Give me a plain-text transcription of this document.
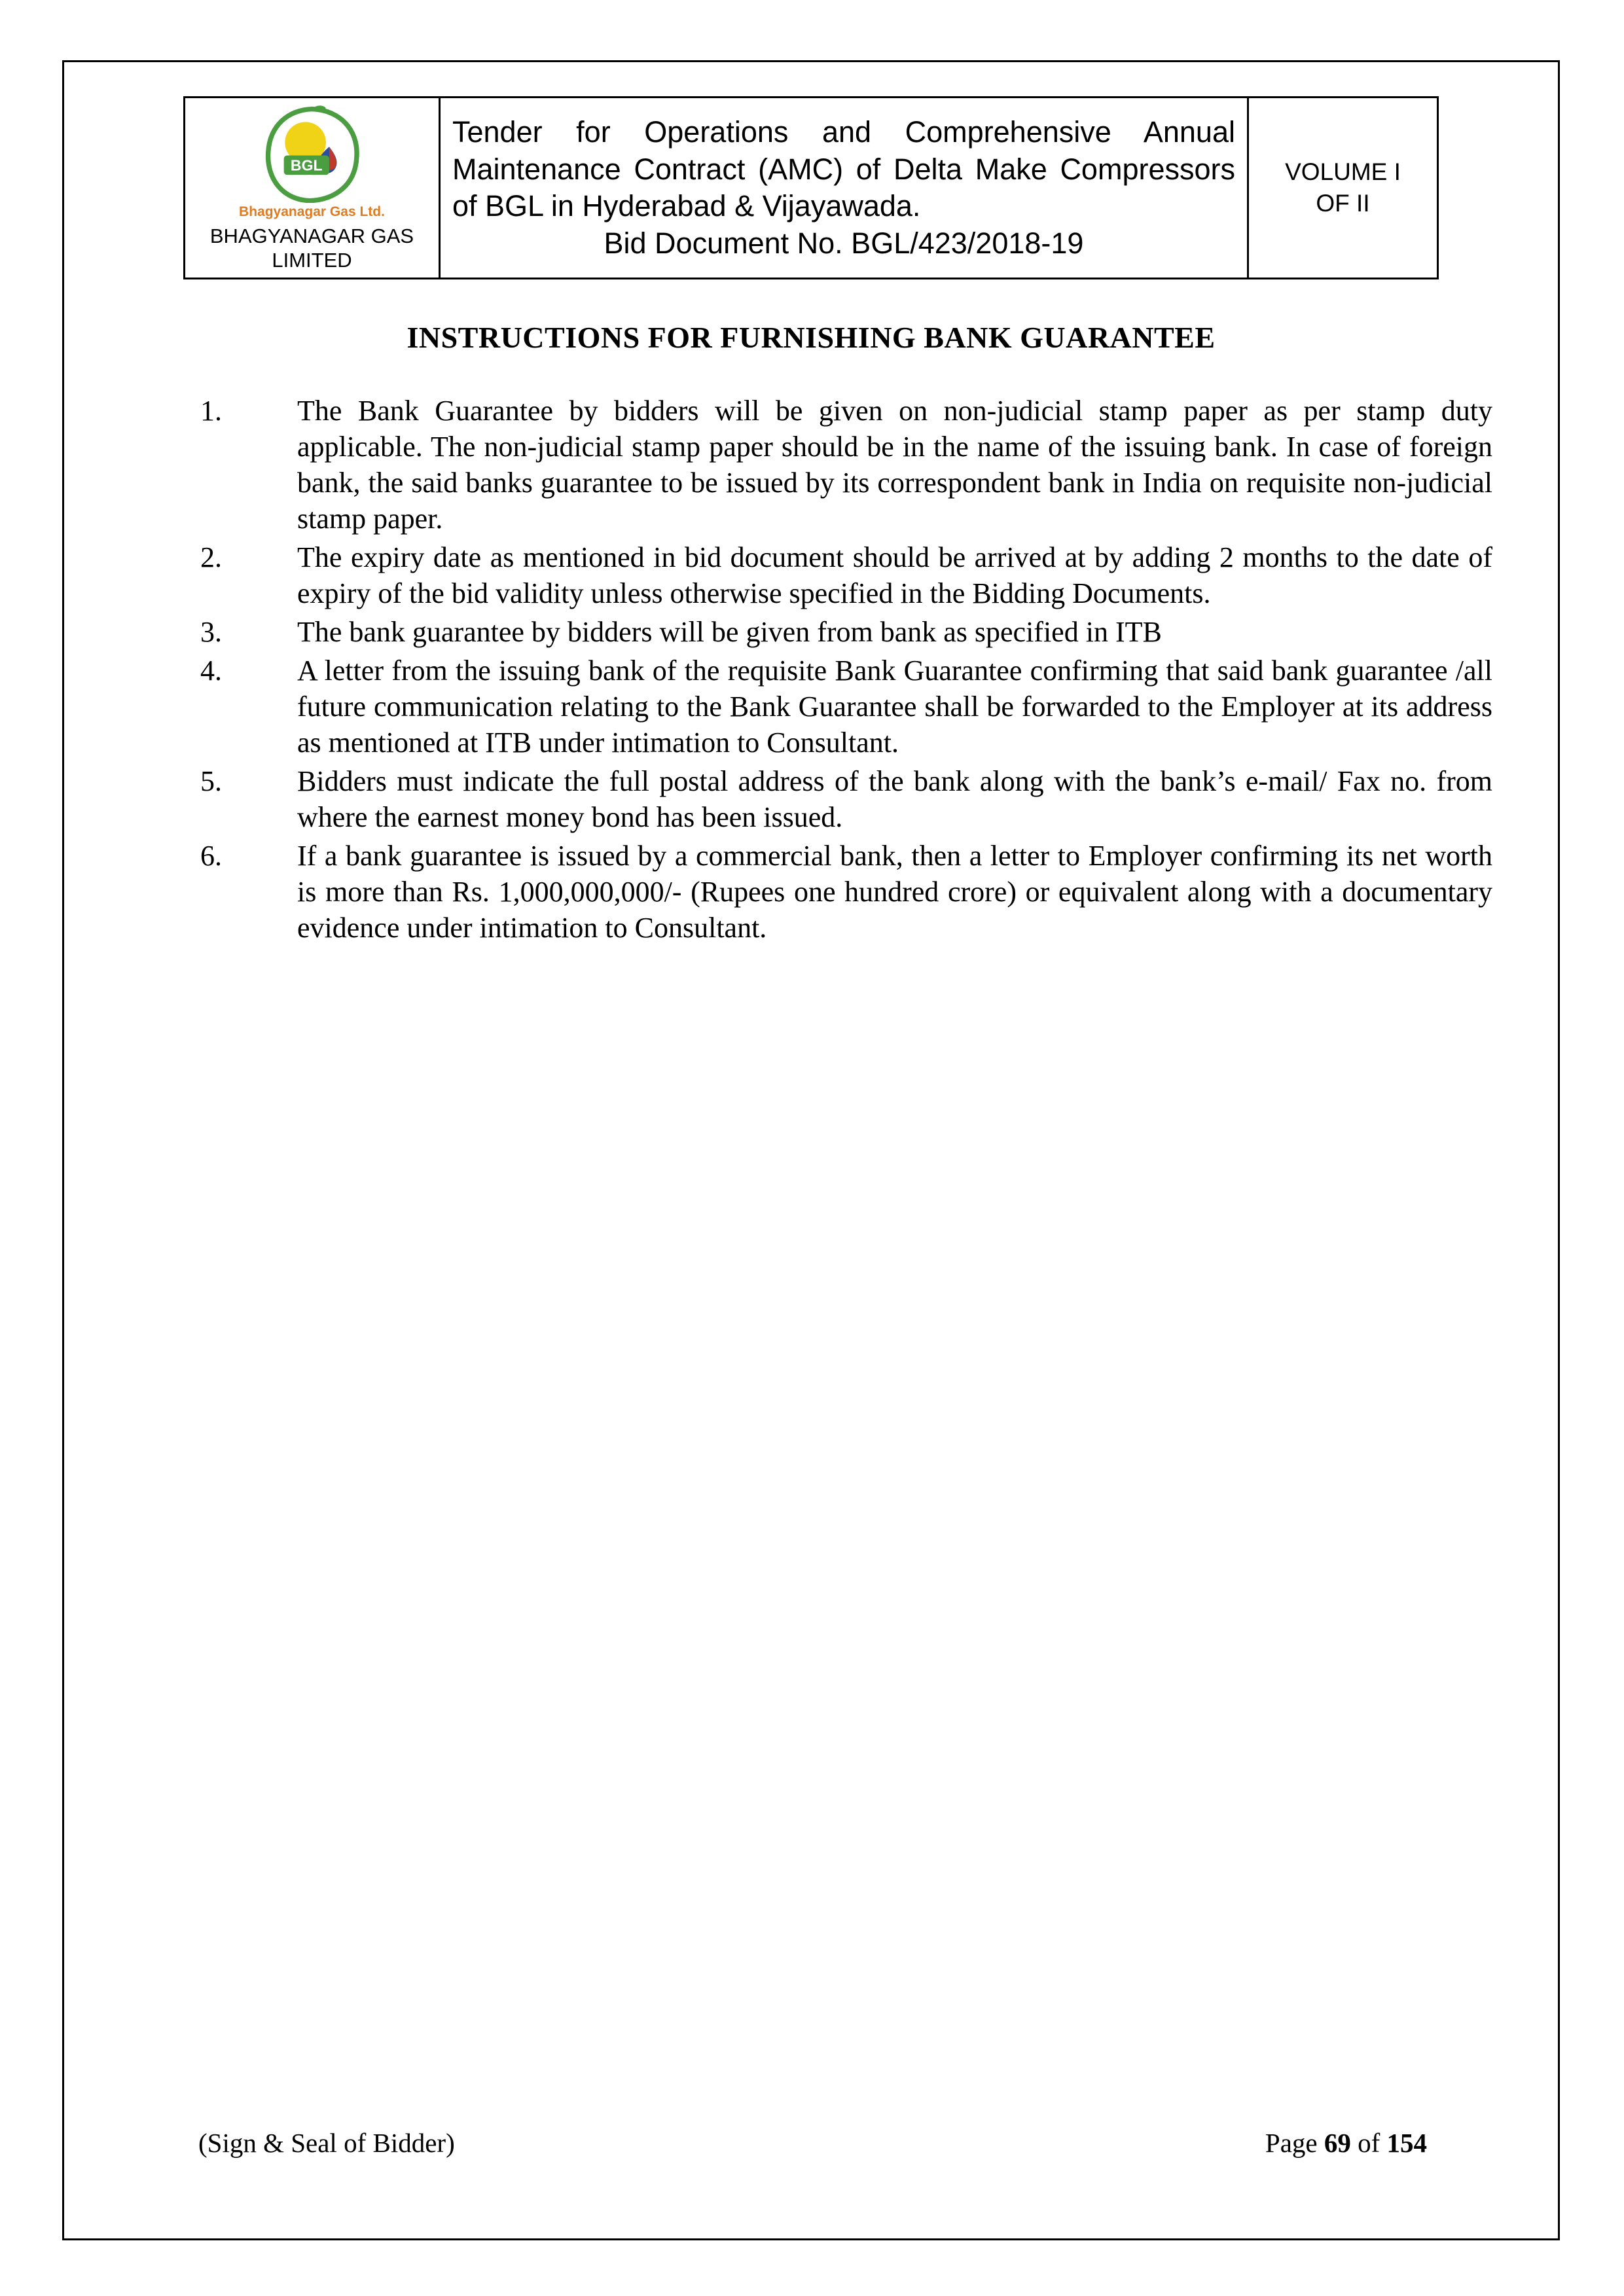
BGL
Bhagyanagar Gas Ltd.
BHAGYANAGAR GAS
LIMITED

Tender for Operations and Comprehensive Annual Maintenance Contract (AMC) of Delta Make Compressors of BGL in Hyderabad & Vijayawada.
Bid Document No. BGL/423/2018-19

VOLUME I
OF II
INSTRUCTIONS FOR FURNISHING BANK GUARANTEE
1.	The Bank Guarantee by bidders will be given on non-judicial stamp paper as per stamp duty applicable. The non-judicial stamp paper should be in the name of the issuing bank. In case of foreign bank, the said banks guarantee to be issued by its correspondent bank in India on requisite non-judicial stamp paper.
2.	The expiry date as mentioned in bid document should be arrived at by adding 2 months to the date of expiry of the bid validity unless otherwise specified in the Bidding Documents.
3.	The bank guarantee by bidders will be given from bank as specified in ITB
4.	A letter from the issuing bank of the requisite Bank Guarantee confirming that said bank guarantee /all future communication relating to the Bank Guarantee shall be forwarded to the Employer at its address as mentioned at ITB under intimation to Consultant.
5.	Bidders must indicate the full postal address of the bank along with the bank’s e-mail/ Fax no. from where the earnest money bond has been issued.
6.	If a bank guarantee is issued by a commercial bank, then a letter to Employer confirming its net worth is more than Rs. 1,000,000,000/- (Rupees one hundred crore) or equivalent along with a documentary evidence under intimation to Consultant.
(Sign & Seal of Bidder)	Page 69 of 154
